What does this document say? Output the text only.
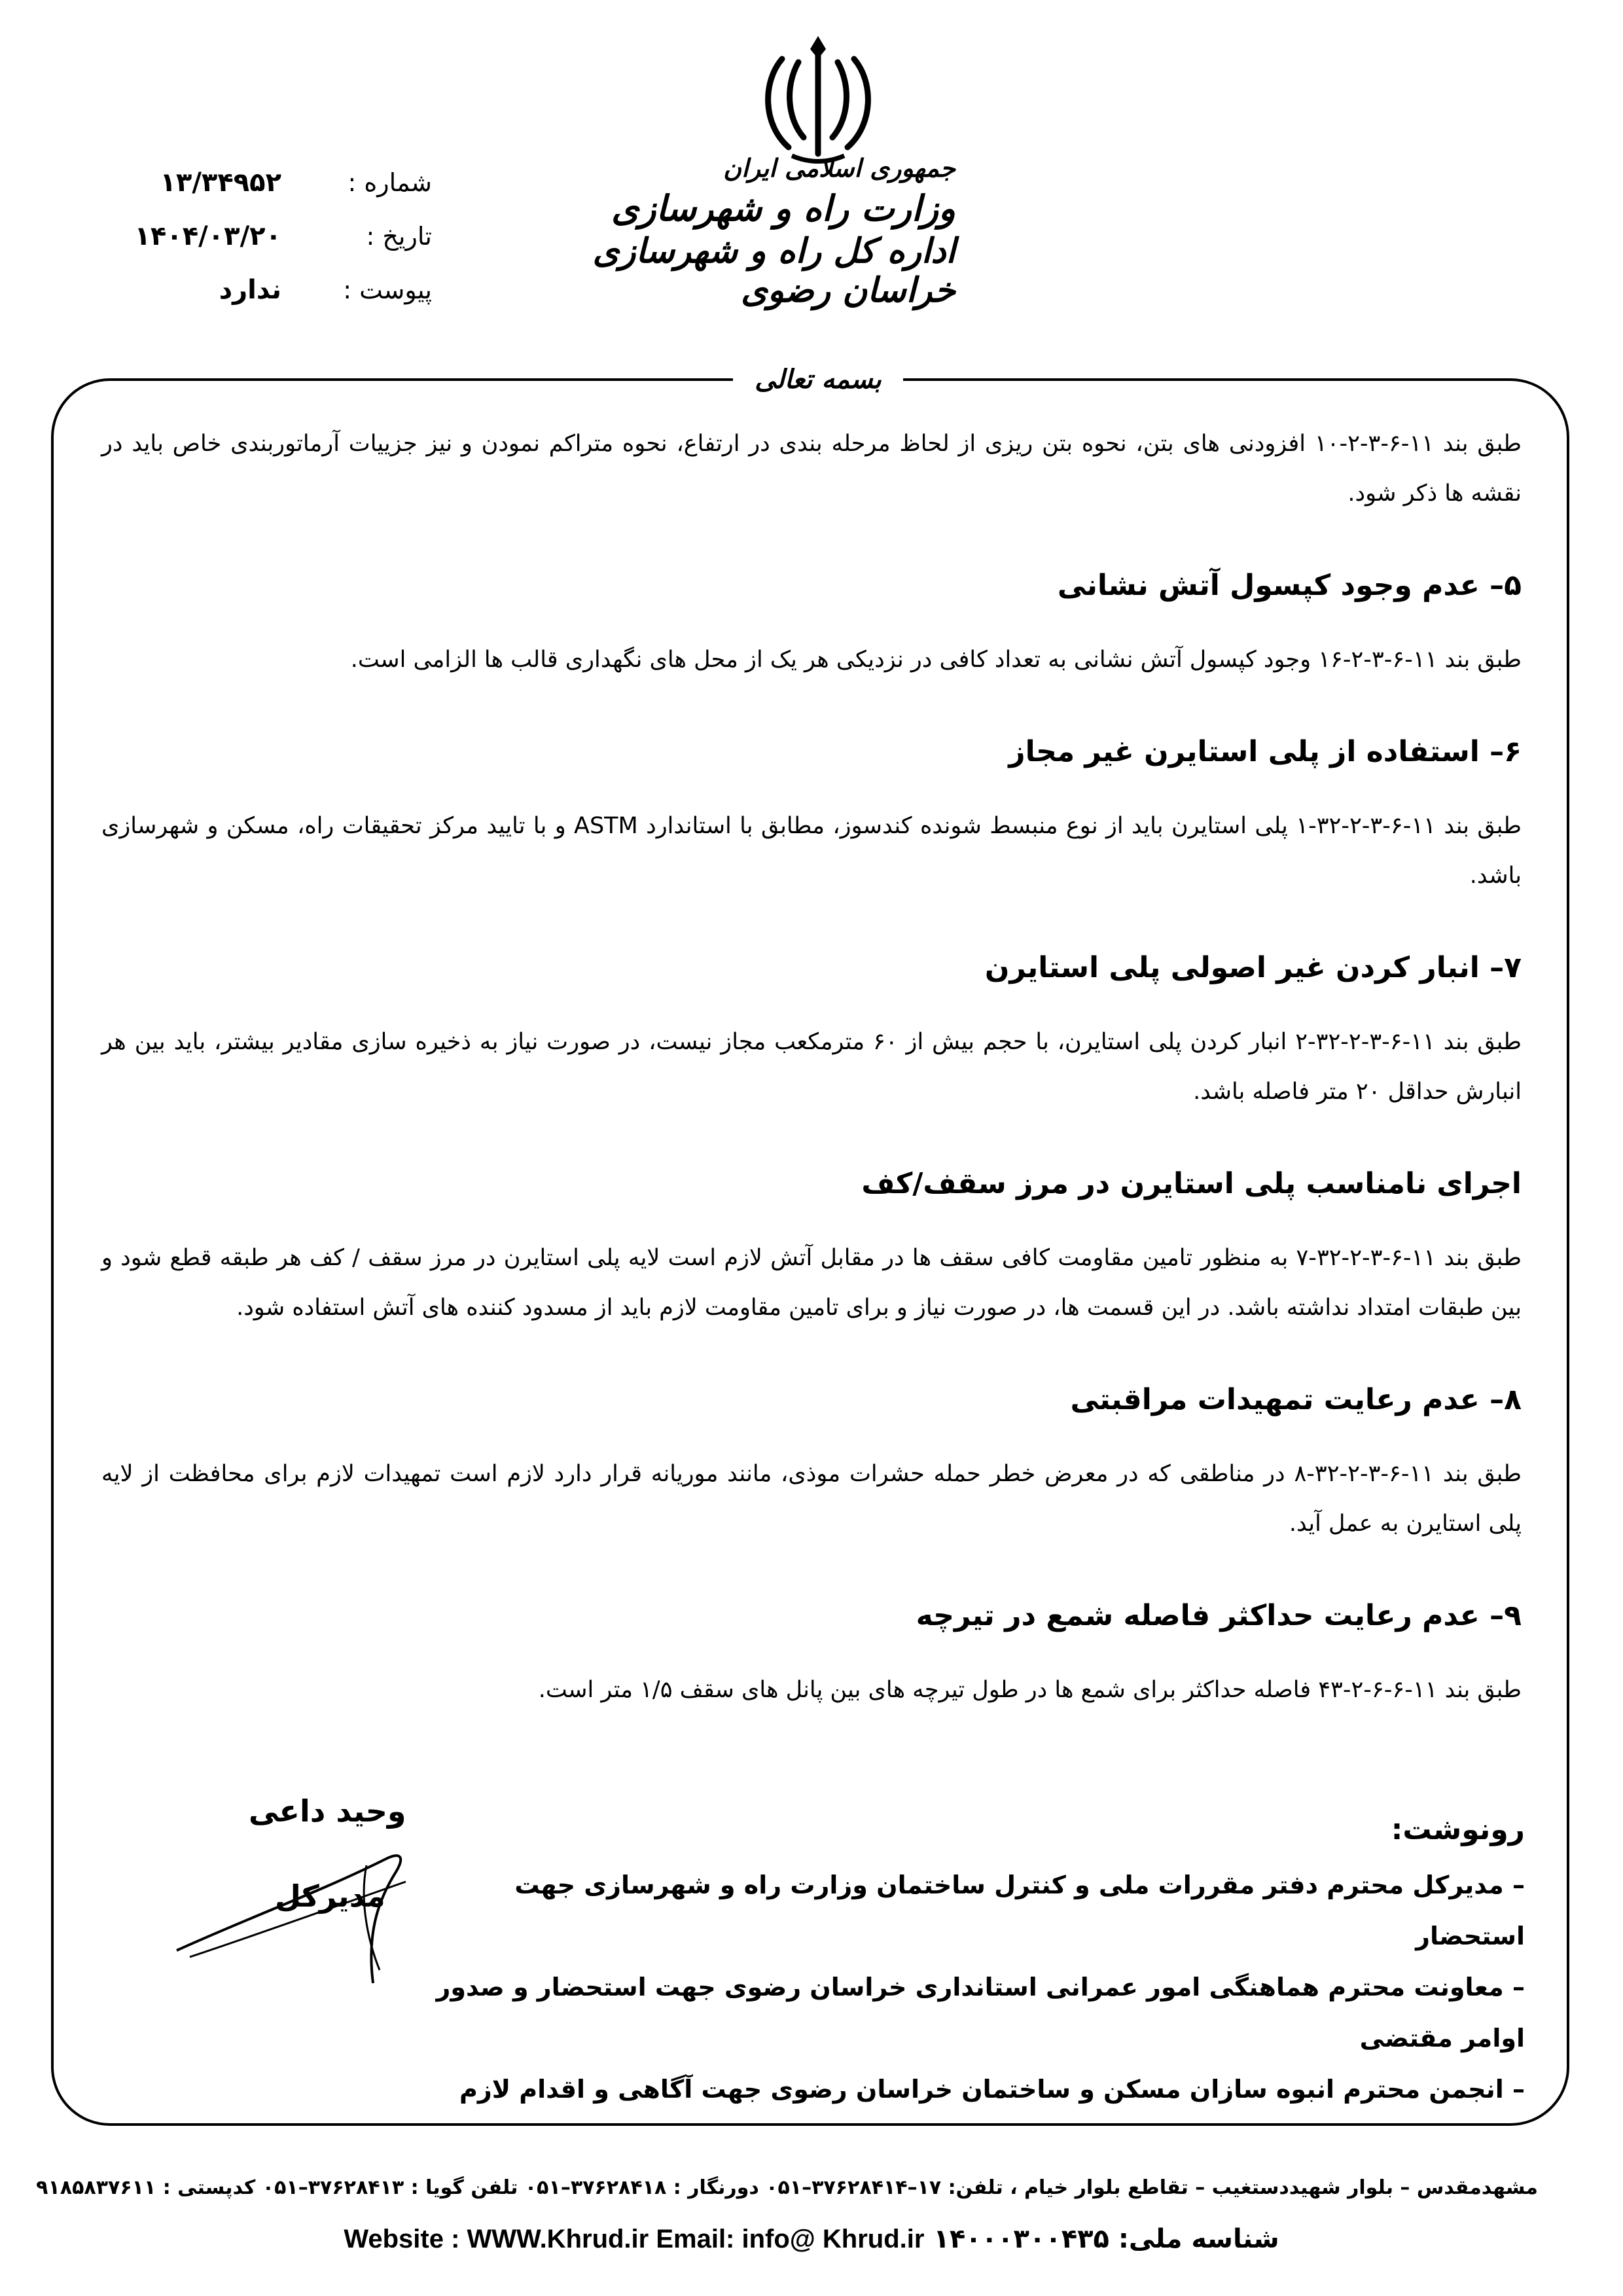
جمهوری اسلامی ایران

وزارت راه و شهرسازی

اداره کل راه و شهرسازی خراسان رضوی

شماره :
۱۳/۳۴۹۵۲
تاریخ :
۱۴۰۴/۰۳/۲۰
پیوست :
ندارد
بسمه تعالی

طبق بند ۱۱-۶-۳-۲-۱۰ افزودنی های بتن، نحوه بتن ریزی از لحاظ مرحله بندی در ارتفاع، نحوه متراکم نمودن و نیز جزییات آرماتوربندی خاص باید در نقشه ها ذکر شود.

۵– عدم وجود کپسول آتش نشانی

طبق بند ۱۱-۶-۳-۲-۱۶ وجود کپسول آتش نشانی به تعداد کافی در نزدیکی هر یک از محل های نگهداری قالب ها الزامی است.

۶– استفاده از پلی استایرن غیر مجاز

طبق بند ۱۱-۶-۳-۲-۳۲-۱ پلی استایرن باید از نوع منبسط شونده کندسوز، مطابق با استاندارد ASTM و با تایید مرکز تحقیقات راه، مسکن و شهرسازی باشد.

۷– انبار کردن غیر اصولی پلی استایرن

طبق بند ۱۱-۶-۳-۲-۳۲-۲ انبار کردن پلی استایرن، با حجم بیش از ۶۰ مترمکعب مجاز نیست، در صورت نیاز به ذخیره سازی مقادیر بیشتر، باید بین هر انبارش حداقل ۲۰ متر فاصله باشد.

اجرای نامناسب پلی استایرن در مرز سقف/کف

طبق بند ۱۱-۶-۳-۲-۳۲-۷ به منظور تامین مقاومت کافی سقف ها در مقابل آتش لازم است لایه پلی استایرن در مرز سقف / کف هر طبقه قطع شود و بین طبقات امتداد نداشته باشد. در این قسمت ها، در صورت نیاز و برای تامین مقاومت لازم باید از مسدود کننده های آتش استفاده شود.

۸– عدم رعایت تمهیدات مراقبتی

طبق بند ۱۱-۶-۳-۲-۳۲-۸ در مناطقی که در معرض خطر حمله حشرات موذی، مانند موریانه قرار دارد لازم است تمهیدات لازم برای محافظت از لایه پلی استایرن به عمل آید.

۹– عدم رعایت حداکثر فاصله شمع در تیرچه

طبق بند ۱۱-۶-۶-۲-۴۳ فاصله حداکثر برای شمع ها در طول تیرچه های بین پانل های سقف ۱/۵ متر است.

وحید داعی
مدیرکل

رونوشت:

– مدیرکل محترم دفتر مقررات ملی و کنترل ساختمان وزارت راه و شهرسازی جهت استحضار

– معاونت محترم هماهنگی امور عمرانی استانداری خراسان رضوی جهت استحضار و صدور اوامر مقتضی

– انجمن محترم انبوه سازان مسکن و ساختمان خراسان رضوی جهت آگاهی و اقدام لازم

مشهدمقدس – بلوار شهیددستغیب – تقاطع بلوار خیام ، تلفن: ۱۷–۳۷۶۲۸۴۱۴–۰۵۱ دورنگار : ۳۷۶۲۸۴۱۸–۰۵۱ تلفن گویا : ۳۷۶۲۸۴۱۳–۰۵۱ کدپستی : ۹۱۸۵۸۳۷۶۱۱
Website : WWW.Khrud.ir Email: info@ Khrud.ir شناسه ملی: ۱۴۰۰۰۳۰۰۴۳۵
